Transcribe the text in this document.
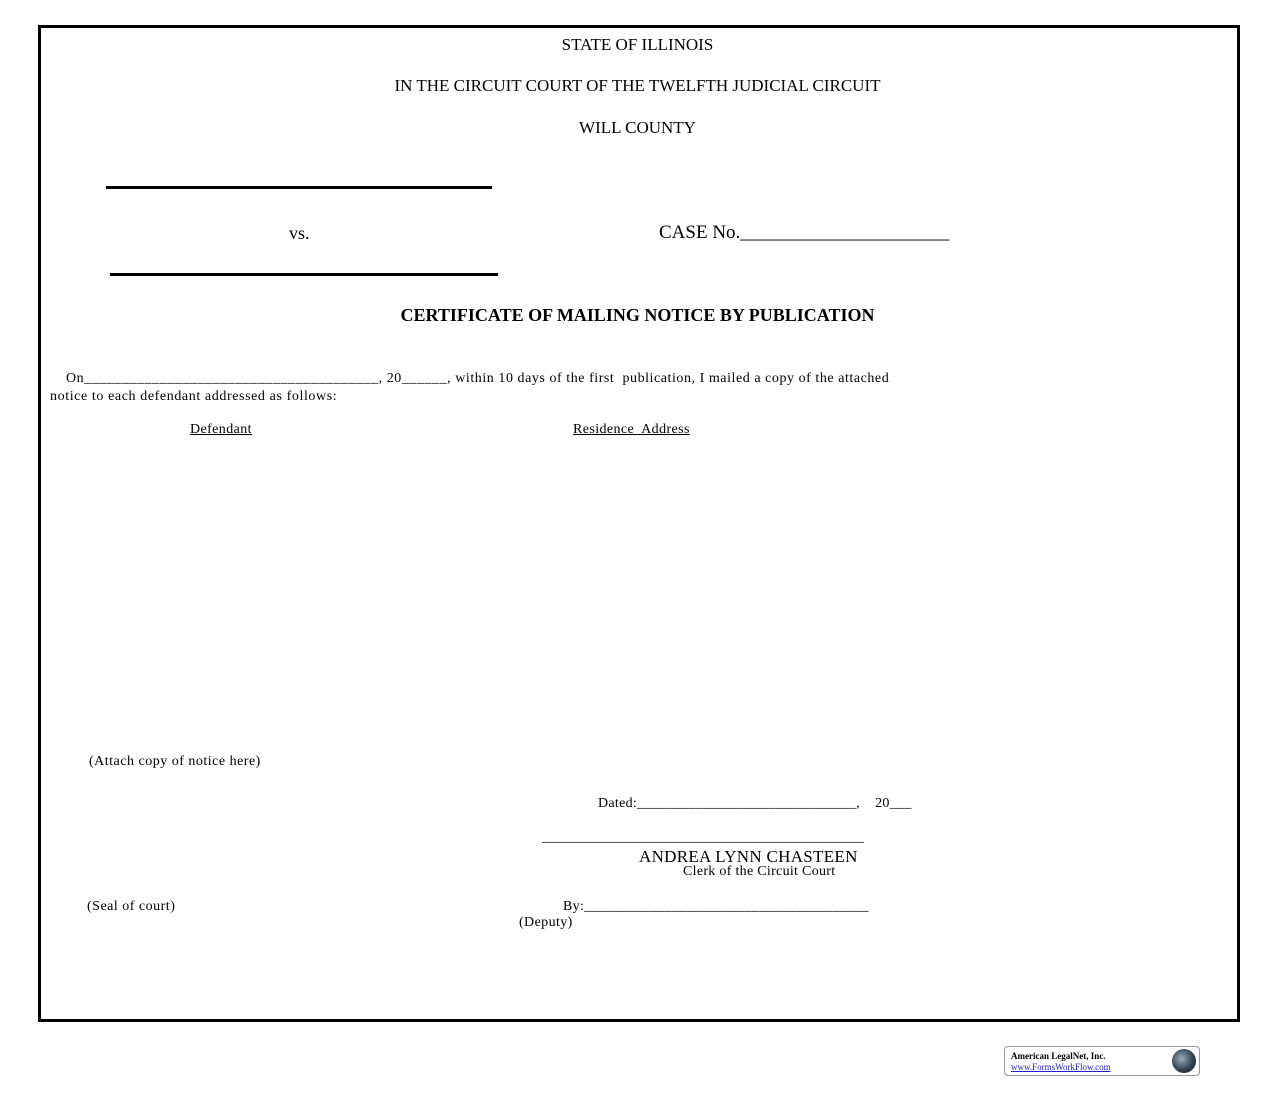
STATE OF ILLINOIS
IN THE CIRCUIT COURT OF THE TWELFTH JUDICIAL CIRCUIT
WILL COUNTY
vs.	CASE No.______________________
CERTIFICATE OF MAILING NOTICE BY PUBLICATION
On_______________________________________, 20______, within 10 days of the first  publication, I mailed a copy of the attached
notice to each defendant addressed as follows:
Defendant	Residence  Address
(Attach copy of notice here)
Dated:______________________________,    20___
______________________________________________
ANDREA LYNN CHASTEEN
Clerk of the Circuit Court
(Seal of court)	By:_______________________________________
(Deputy)
American LegalNet, Inc.
www.FormsWorkFlow.com
